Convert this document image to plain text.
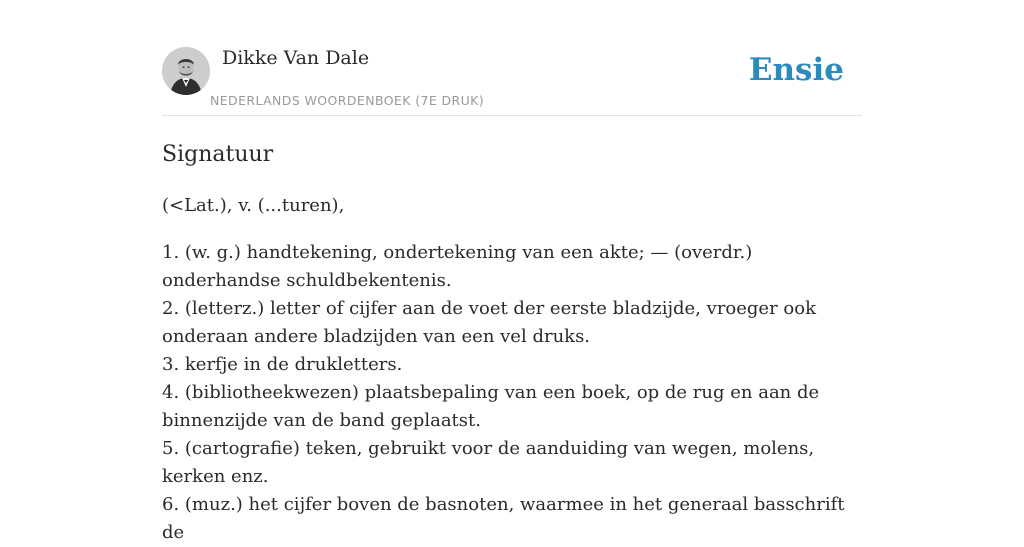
Dikke Van Dale
NEDERLANDS WOORDENBOEK (7E DRUK)
Ensie
Signatuur

(<Lat.), v. (...turen),

1. (w. g.) handtekening, ondertekening van een akte; — (overdr.) onderhandse schuldbekentenis.
2. (letterz.) letter of cijfer aan de voet der eerste bladzijde, vroeger ook onderaan andere bladzijden van een vel druks.
3. kerfje in de drukletters.
4. (bibliotheekwezen) plaatsbepaling van een boek, op de rug en aan de binnenzijde van de band geplaatst.
5. (cartografie) teken, gebruikt voor de aanduiding van wegen, molens, kerken enz.
6. (muz.) het cijfer boven de basnoten, waarmee in het generaal basschrift de
